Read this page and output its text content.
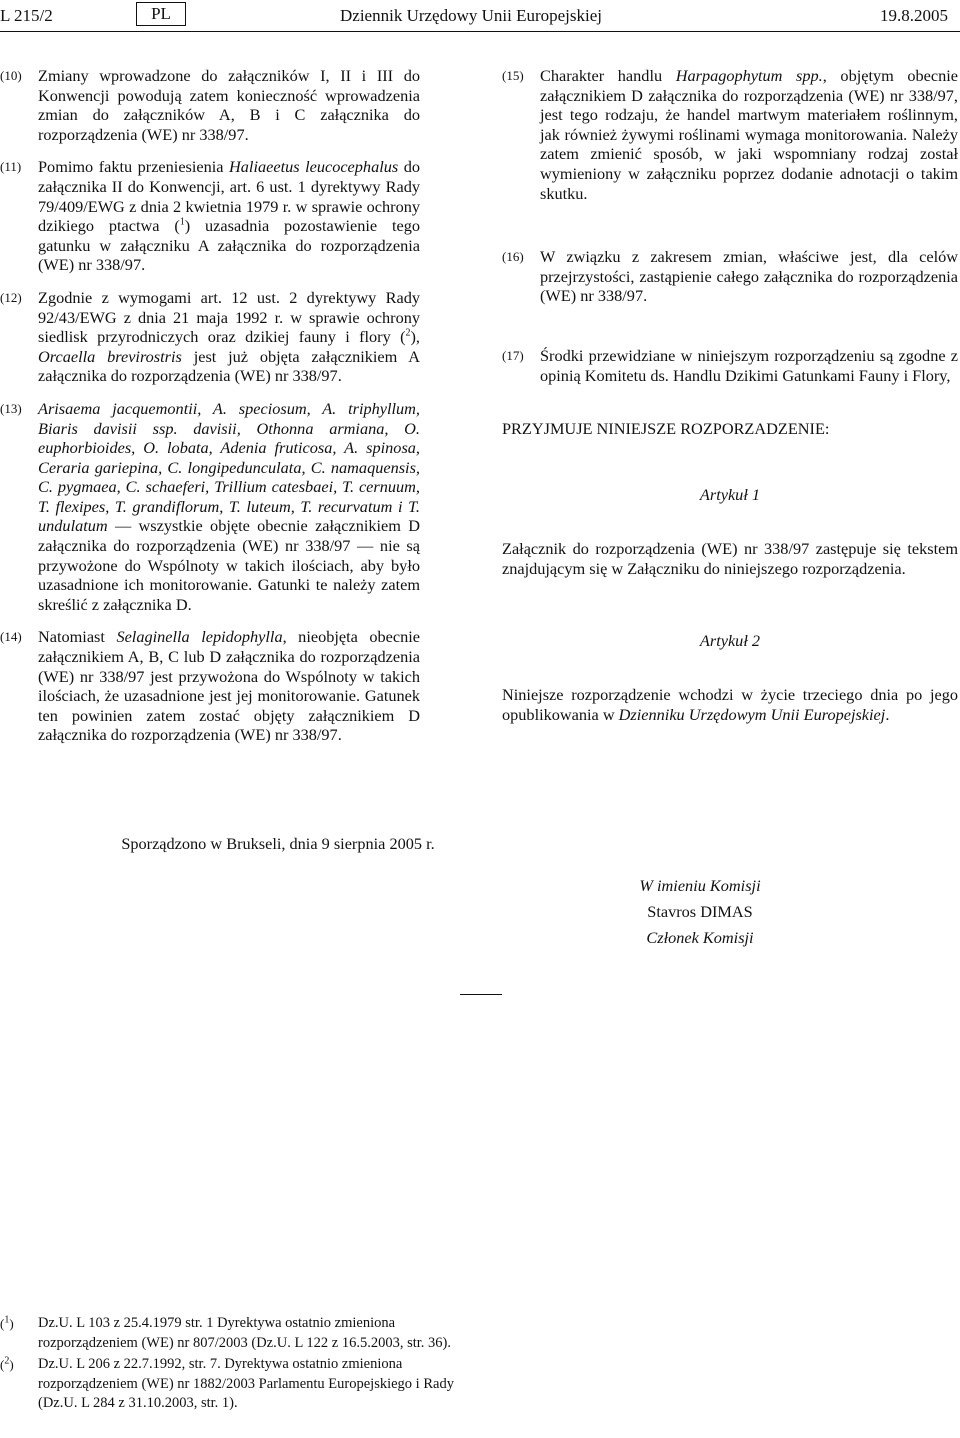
L 215/2	PL	Dziennik Urzędowy Unii Europejskiej	19.8.2005
(10) Zmiany wprowadzone do załączników I, II i III do Konwencji powodują zatem konieczność wprowadzenia zmian do załączników A, B i C załącznika do rozporządzenia (WE) nr 338/97.
(11) Pomimo faktu przeniesienia Haliaeetus leucocephalus do załącznika II do Konwencji, art. 6 ust. 1 dyrektywy Rady 79/409/EWG z dnia 2 kwietnia 1979 r. w sprawie ochrony dzikiego ptactwa ($^1$) uzasadnia pozostawienie tego gatunku w załączniku A załącznika do rozporządzenia (WE) nr 338/97.
(12) Zgodnie z wymogami art. 12 ust. 2 dyrektywy Rady 92/43/EWG z dnia 21 maja 1992 r. w sprawie ochrony siedlisk przyrodniczych oraz dzikiej fauny i flory ($^2$), Orcaella brevirostris jest już objęta załącznikiem A załącznika do rozporządzenia (WE) nr 338/97.
(13) Arisaema jacquemontii, A. speciosum, A. triphyllum, Biaris davisii ssp. davisii, Othonna armiana, O. euphorbioides, O. lobata, Adenia fruticosa, A. spinosa, Ceraria gariepina, C. longipedunculata, C. namaquensis, C. pygmaea, C. schaeferi, Trillium catesbaei, T. cernuum, T. flexipes, T. grandiflorum, T. luteum, T. recurvatum i T. undulatum — wszystkie objęte obecnie załącznikiem D załącznika do rozporządzenia (WE) nr 338/97 — nie są przywożone do Wspólnoty w takich ilościach, aby było uzasadnione ich monitorowanie. Gatunki te należy zatem skreślić z załącznika D.
(14) Natomiast Selaginella lepidophylla, nieobjęta obecnie załącznikiem A, B, C lub D załącznika do rozporządzenia (WE) nr 338/97 jest przywożona do Wspólnoty w takich ilościach, że uzasadnione jest jej monitorowanie. Gatunek ten powinien zatem zostać objęty załącznikiem D załącznika do rozporządzenia (WE) nr 338/97.
(15) Charakter handlu Harpagophytum spp., objętym obecnie załącznikiem D załącznika do rozporządzenia (WE) nr 338/97, jest tego rodzaju, że handel martwym materiałem roślinnym, jak również żywymi roślinami wymaga monitorowania. Należy zatem zmienić sposób, w jaki wspomniany rodzaj został wymieniony w załączniku poprzez dodanie adnotacji o takim skutku.
(16) W związku z zakresem zmian, właściwe jest, dla celów przejrzystości, zastąpienie całego załącznika do rozporządzenia (WE) nr 338/97.
(17) Środki przewidziane w niniejszym rozporządzeniu są zgodne z opinią Komitetu ds. Handlu Dzikimi Gatunkami Fauny i Flory,
PRZYJMUJE NINIEJSZE ROZPORZADZENIE:
Artykuł 1
Załącznik do rozporządzenia (WE) nr 338/97 zastępuje się tekstem znajdującym się w Załączniku do niniejszego rozporządzenia.
Artykuł 2
Niniejsze rozporządzenie wchodzi w życie trzeciego dnia po jego opublikowania w Dzienniku Urzędowym Unii Europejskiej.
Sporządzono w Brukseli, dnia 9 sierpnia 2005 r.
W imieniu Komisji
Stavros DIMAS
Członek Komisji
($^1$) Dz.U. L 103 z 25.4.1979 str. 1 Dyrektywa ostatnio zmieniona rozporządzeniem (WE) nr 807/2003 (Dz.U. L 122 z 16.5.2003, str. 36).
($^2$) Dz.U. L 206 z 22.7.1992, str. 7. Dyrektywa ostatnio zmieniona rozporządzeniem (WE) nr 1882/2003 Parlamentu Europejskiego i Rady (Dz.U. L 284 z 31.10.2003, str. 1).
